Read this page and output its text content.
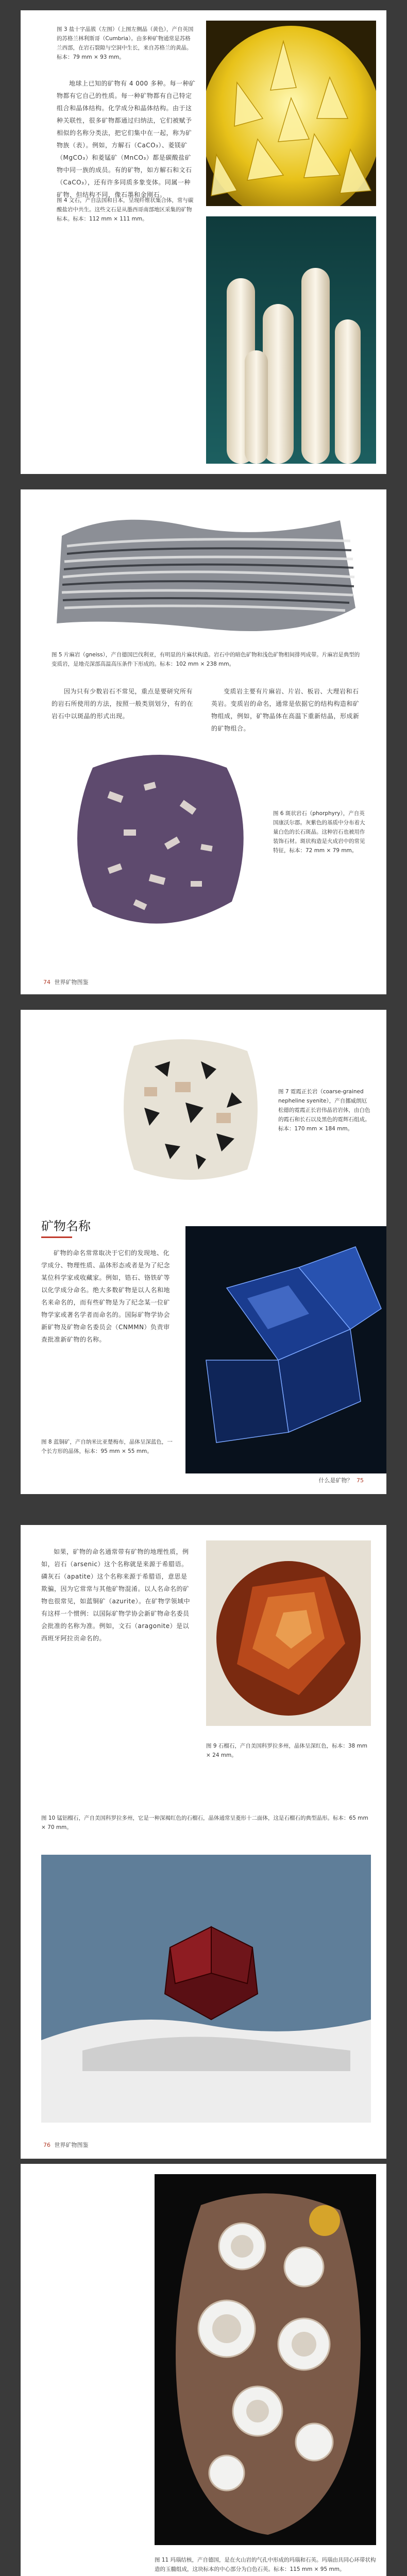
图 3 盐十字晶簇（左图）（上图左侧晶（黄色），产自英国的苏格兰林利斯哥（Cumbria）。由多种矿物通常是苏格兰西部，在岩石裂隙与空洞中生长，来自苏格兰的黄晶。标本：79 mm × 93 mm。
地球上已知的矿物有 4 000 多种。每一种矿物都有它自己的性质。每一种矿物都有自己特定组合和晶体结构。化学成分和晶体结构。由于这种关联性，很多矿物都通过归纳法，它们被赋予相似的名称分类法，把它们集中在一起，称为矿物族（表）。例如，方解石（CaCO₃）、菱镁矿（MgCO₃）和菱锰矿（MnCO₃）都是碳酸盐矿物中同一族的成员。有的矿物，如方解石和文石（CaCO₃），还有许多同质多象变体。同属一种矿物，但结构不同，像石墨和金刚石。
图 4 文石，产自法国和日本，呈现纤维状集合体，常与碳酸盐岩中共生。这些文石是从墨西哥南部地区采集的矿物标本。标本：112 mm × 111 mm。
图 5 片麻岩（gneiss），产自德国巴伐利亚，有明显的片麻状构造。岩石中的暗色矿物和浅色矿物相间排列成带。片麻岩是典型的变质岩，是地壳深部高温高压条件下形成的。标本：102 mm × 238 mm。
因为只有少数岩石不常见，重点是要研究所有的岩石所使用的方法，按照一般类别划分，有的在岩石中以斑晶的形式出现。
变质岩主要有片麻岩、片岩、板岩、大理岩和石英岩。变质岩的命名，通常是依据它的结构构造和矿物组成，例如，矿物晶体在高温下重新结晶，形成新的矿物组合。
图 6 斑状岩石（phorphyry），产自英国康沃尔郡。灰紫色的基质中分布着大量白色的长石斑晶。这种岩石也被用作装饰石材。斑状构造是火成岩中的常见特征，标本：72 mm × 79 mm。
74 世界矿物图鉴
图 7 霓霞正长岩（coarse-grained nepheline syenite），产自挪威朗厄松德的霓霞正长岩伟晶岩岩体，由白色的霞石和长石以及黑色的霓辉石组成。标本：170 mm × 184 mm。
矿物名称
矿物的命名常常取决于它们的发现地、化学成分、物理性质、晶体形态或者是为了纪念某位科学家或收藏家。例如，锆石、铬铁矿等以化学成分命名。绝大多数矿物是以人名和地名来命名的，而有些矿物是为了纪念某一位矿物学家或著名学者而命名的。国际矿物学协会新矿物及矿物命名委员会（CNMMN）负责审查批准新矿物的名称。
图 8 蓝铜矿，产自纳米比亚楚梅布，晶体呈深蓝色，一个长方形的晶体，标本：95 mm × 55 mm。
什么是矿物？ 75
如果，矿物的命名通常带有矿物的地理性质，例如，岩石（arsenic）这个名称就是来源于希腊语。磷灰石（apatite）这个名称来源于希腊语，意思是欺骗，因为它常常与其他矿物混淆。以人名命名的矿物也很常见，如蓝铜矿（azurite）。在矿物学领域中有这样一个惯例：以国际矿物学协会新矿物命名委员会批准的名称为准。例如，文石（aragonite）是以西班牙阿拉贡命名的。
图 9 石榴石，产自美国科罗拉多州，晶体呈深红色，标本：38 mm × 24 mm。
图 10 锰铝榴石，产自美国科罗拉多州，它是一种深褐红色的石榴石，晶体通常呈菱形十二面体，这是石榴石的典型晶形。标本：65 mm × 70 mm。
76 世界矿物图鉴
图 11 玛瑙结核，产自德国，是在火山岩的气孔中形成的玛瑙和石英。玛瑙由具同心环带状构造的玉髓组成，这块标本的中心部分为白色石英。标本：115 mm × 95 mm。
